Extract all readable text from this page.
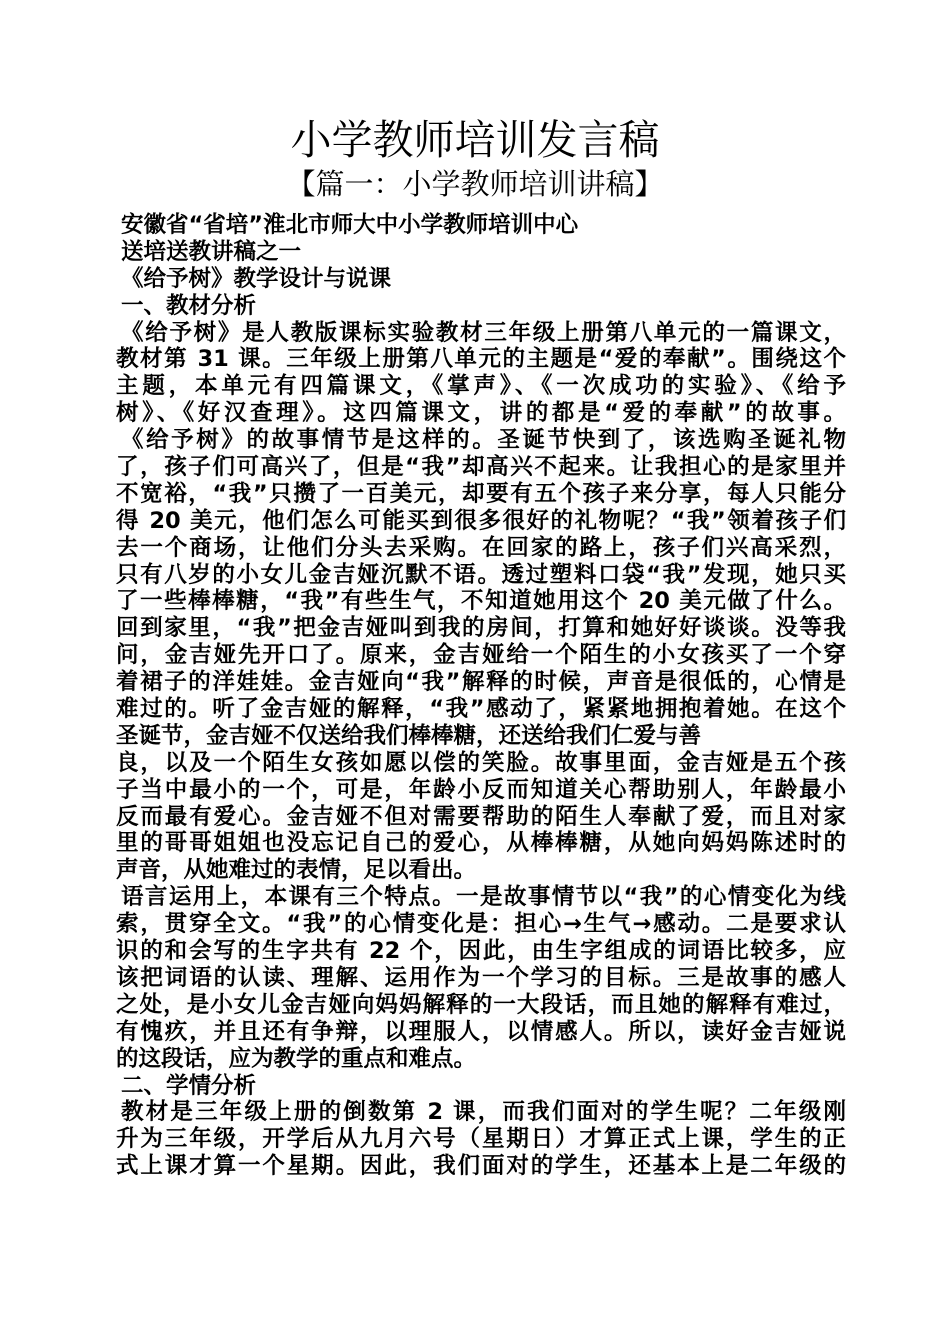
小学教师培训发言稿
【篇一：小学教师培训讲稿】
安徽省“省培”淮北市师大中小学教师培训中心
送培送教讲稿之一
《给予树》教学设计与说课
一、教材分析
《给予树》是人教版课标实验教材三年级上册第八单元的一篇课文，
教材第 31 课。三年级上册第八单元的主题是“爱的奉献”。围绕这个
主题，本单元有四篇课文，《掌声》、《一次成功的实验》、《给予
树》、《好汉查理》。这四篇课文，讲的都是“爱的奉献”的故事。
《给予树》的故事情节是这样的。圣诞节快到了，该选购圣诞礼物
了，孩子们可高兴了，但是“我”却高兴不起来。让我担心的是家里并
不宽裕，“我”只攒了一百美元，却要有五个孩子来分享，每人只能分
得 20 美元，他们怎么可能买到很多很好的礼物呢？“我”领着孩子们
去一个商场，让他们分头去采购。在回家的路上，孩子们兴高采烈，
只有八岁的小女儿金吉娅沉默不语。透过塑料口袋“我”发现，她只买
了一些棒棒糖，“我”有些生气，不知道她用这个 20 美元做了什么。
回到家里，“我”把金吉娅叫到我的房间，打算和她好好谈谈。没等我
问，金吉娅先开口了。原来，金吉娅给一个陌生的小女孩买了一个穿
着裙子的洋娃娃。金吉娅向“我”解释的时候，声音是很低的，心情是
难过的。听了金吉娅的解释，“我”感动了，紧紧地拥抱着她。在这个
圣诞节，金吉娅不仅送给我们棒棒糖，还送给我们仁爱与善
良，以及一个陌生女孩如愿以偿的笑脸。故事里面，金吉娅是五个孩
子当中最小的一个，可是，年龄小反而知道关心帮助别人，年龄最小
反而最有爱心。金吉娅不但对需要帮助的陌生人奉献了爱，而且对家
里的哥哥姐姐也没忘记自己的爱心，从棒棒糖，从她向妈妈陈述时的
声音，从她难过的表情，足以看出。
语言运用上，本课有三个特点。一是故事情节以“我”的心情变化为线
索，贯穿全文。“我”的心情变化是：担心→生气→感动。二是要求认
识的和会写的生字共有 22 个，因此，由生字组成的词语比较多，应
该把词语的认读、理解、运用作为一个学习的目标。三是故事的感人
之处，是小女儿金吉娅向妈妈解释的一大段话，而且她的解释有难过，
有愧疚，并且还有争辩，以理服人，以情感人。所以，读好金吉娅说
的这段话，应为教学的重点和难点。
二、学情分析
教材是三年级上册的倒数第 2 课，而我们面对的学生呢？二年级刚
升为三年级，开学后从九月六号（星期日）才算正式上课，学生的正
式上课才算一个星期。因此，我们面对的学生，还基本上是二年级的
